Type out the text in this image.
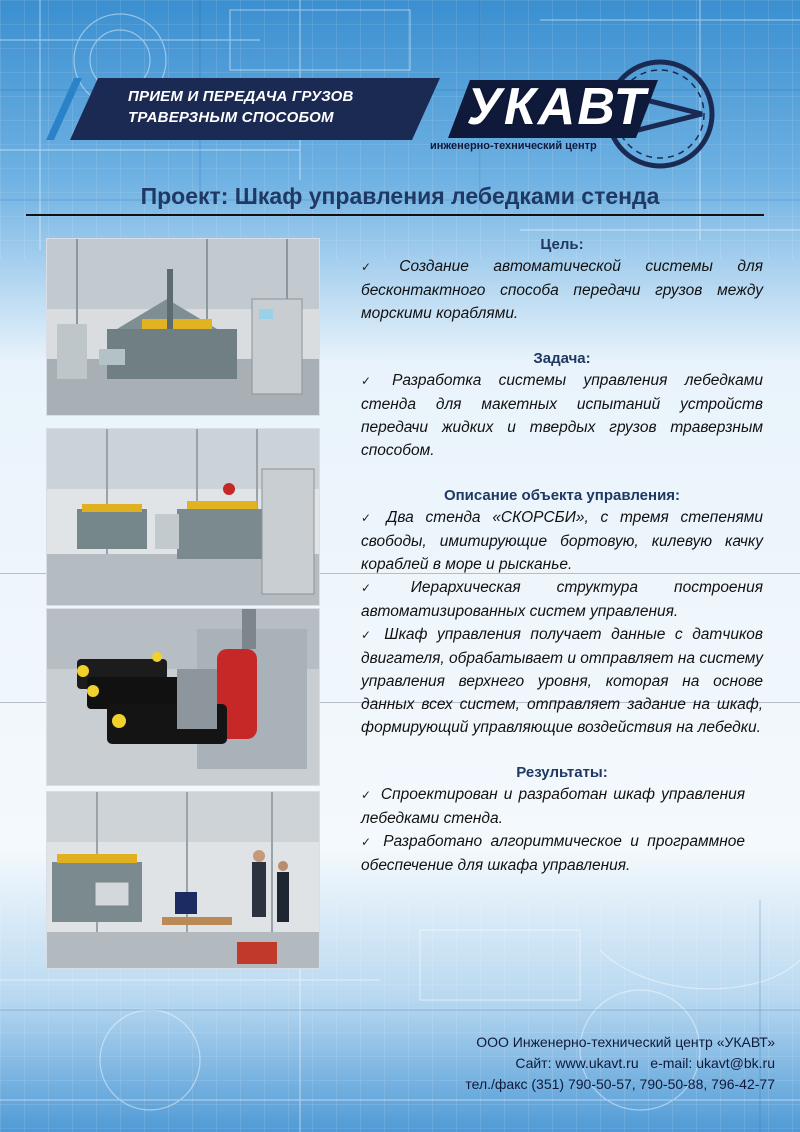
ПРИЕМ И ПЕРЕДАЧА ГРУЗОВ
ТРАВЕРЗНЫМ СПОСОБОМ	УКАВТ
инженерно-технический центр
Проект: Шкаф управления лебедками стенда
Цель:
✓ Создание автоматической системы для бесконтактного способа передачи грузов между морскими кораблями.
Задача:
✓ Разработка системы управления лебедками стенда для макетных испытаний устройств передачи жидких и твердых грузов траверзным способом.
Описание объекта управления:
✓ Два стенда «СКОРСБИ», с тремя степенями свободы, имитирующие бортовую, килевую качку кораблей в море и рысканье.
✓ Иерархическая структура построения автоматизированных систем управления.
✓ Шкаф управления получает данные с датчиков двигателя, обрабатывает и отправляет на систему управления верхнего уровня, которая на основе данных всех систем, отправляет задание на шкаф, формирующий управляющие воздействия на лебедки.
Результаты:
✓ Спроектирован и разработан шкаф управления лебедками стенда.
✓ Разработано алгоритмическое и программное обеспечение для шкафа управления.
ООО Инженерно-технический центр «УКАВТ»
Сайт: www.ukavt.ru   e-mail: ukavt@bk.ru
тел./факс (351) 790-50-57, 790-50-88, 796-42-77
